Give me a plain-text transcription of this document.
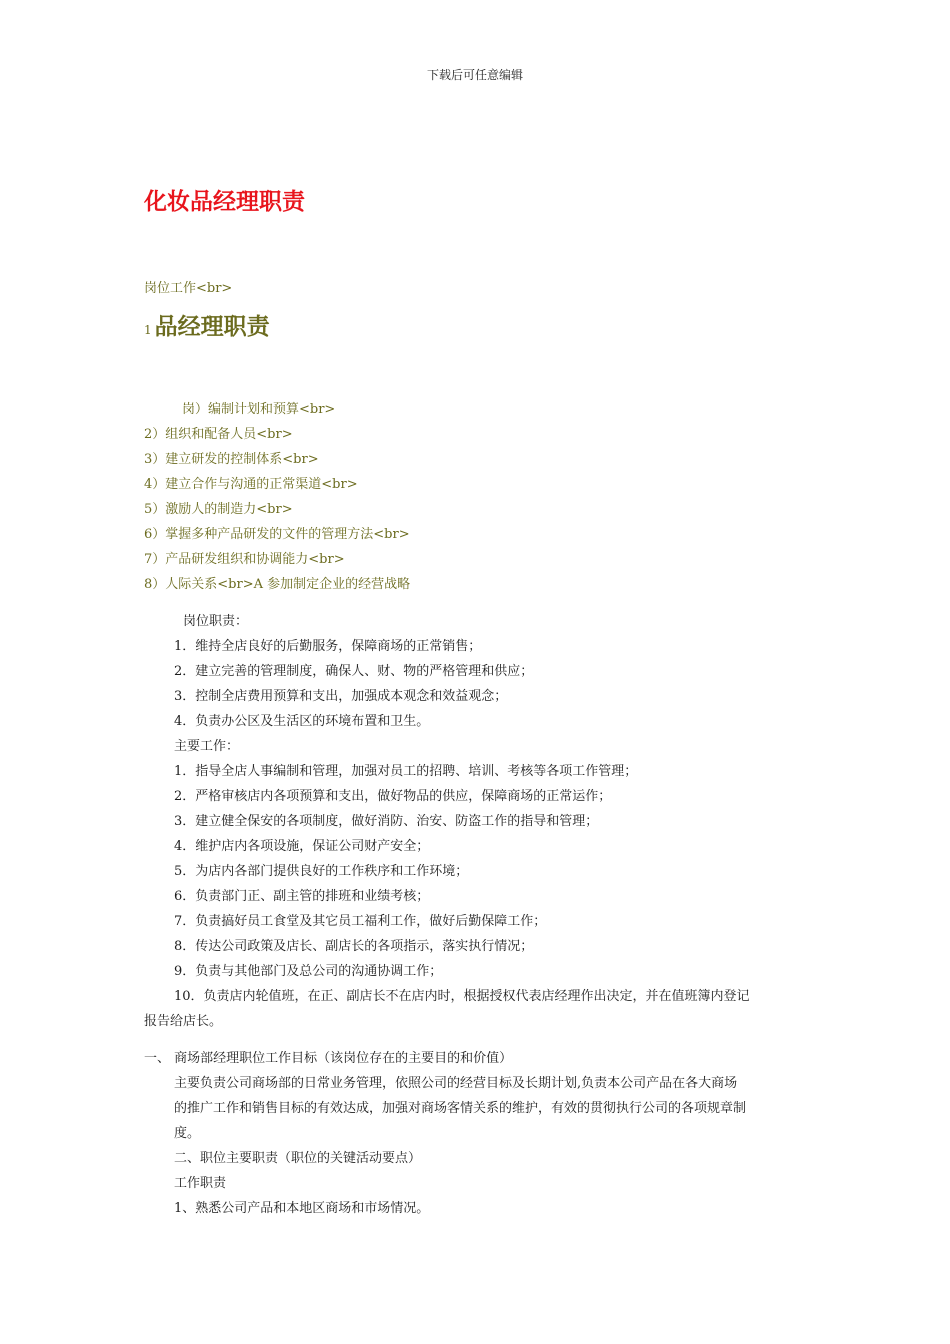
下载后可任意编辑
化妆品经理职责
岗位工作<br>
1 品经理职责
岗）编制计划和预算<br>
2）组织和配备人员<br>
3）建立研发的控制体系<br>
4）建立合作与沟通的正常渠道<br>
5）激励人的制造力<br>
6）掌握多种产品研发的文件的管理方法<br>
7）产品研发组织和协调能力<br>
8）人际关系<br>A 参加制定企业的经营战略
岗位职责：
1．维持全店良好的后勤服务，保障商场的正常销售；
2．建立完善的管理制度，确保人、财、物的严格管理和供应；
3．控制全店费用预算和支出，加强成本观念和效益观念；
4．负责办公区及生活区的环境布置和卫生。
主要工作：
1．指导全店人事编制和管理，加强对员工的招聘、培训、考核等各项工作管理；
2．严格审核店内各项预算和支出，做好物品的供应，保障商场的正常运作；
3．建立健全保安的各项制度，做好消防、治安、防盗工作的指导和管理；
4．维护店内各项设施，保证公司财产安全；
5．为店内各部门提供良好的工作秩序和工作环境；
6．负责部门正、副主管的排班和业绩考核；
7．负责搞好员工食堂及其它员工福利工作，做好后勤保障工作；
8．传达公司政策及店长、副店长的各项指示，落实执行情况；
9．负责与其他部门及总公司的沟通协调工作；
10．负责店内轮值班，在正、副店长不在店内时，根据授权代表店经理作出决定，并在值班簿内登记
报告给店长。
一、 商场部经理职位工作目标（该岗位存在的主要目的和价值）
主要负责公司商场部的日常业务管理，依照公司的经营目标及长期计划,负责本公司产品在各大商场
的推广工作和销售目标的有效达成，加强对商场客情关系的维护，有效的贯彻执行公司的各项规章制
度。
二、职位主要职责（职位的关键活动要点）
工作职责
1、熟悉公司产品和本地区商场和市场情况。
